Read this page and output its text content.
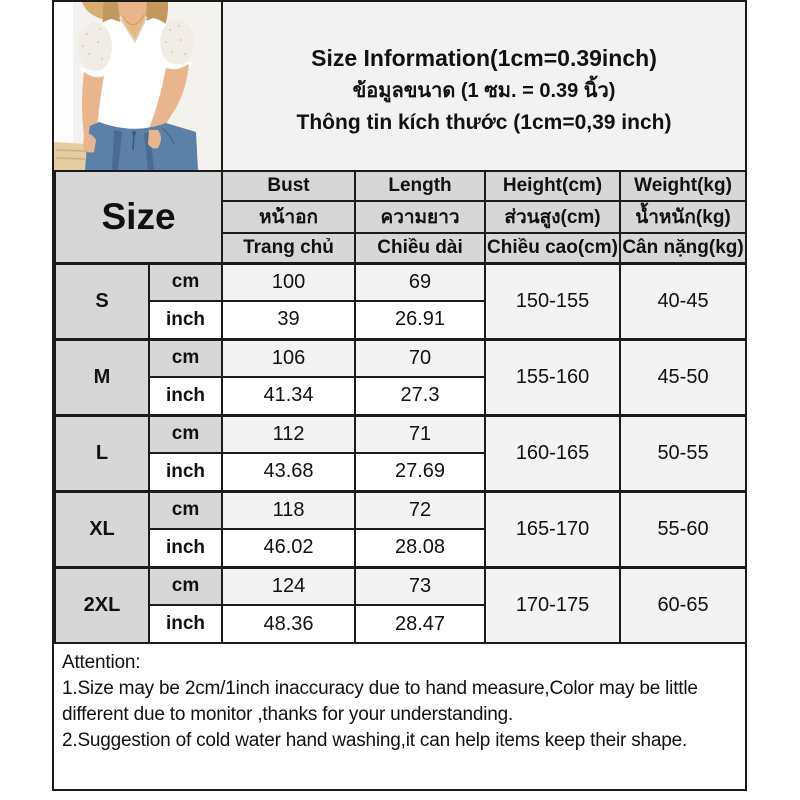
Size Information(1cm=0.39inch)
ข้อมูลขนาด (1 ซม. = 0.39 นิ้ว)
Thông tin kích thước (1cm=0,39 inch)
Size		Bust	Length	Height(cm)	Weight(kg)
		หน้าอก	ความยาว	ส่วนสูง(cm)	น้ำหนัก(kg)
		Trang chủ	Chiều dài	Chiều cao(cm)	Cân nặng(kg)
S	cm	100	69	150-155	40-45
	inch	39	26.91		
M	cm	106	70	155-160	45-50
	inch	41.34	27.3		
L	cm	112	71	160-165	50-55
	inch	43.68	27.69		
XL	cm	118	72	165-170	55-60
	inch	46.02	28.08		
2XL	cm	124	73	170-175	60-65
	inch	48.36	28.47		
Attention:
1.Size may be 2cm/1inch inaccuracy due to hand measure,Color may be little different due to monitor ,thanks for your understanding.
2.Suggestion of cold water hand washing,it can help items keep their shape.
